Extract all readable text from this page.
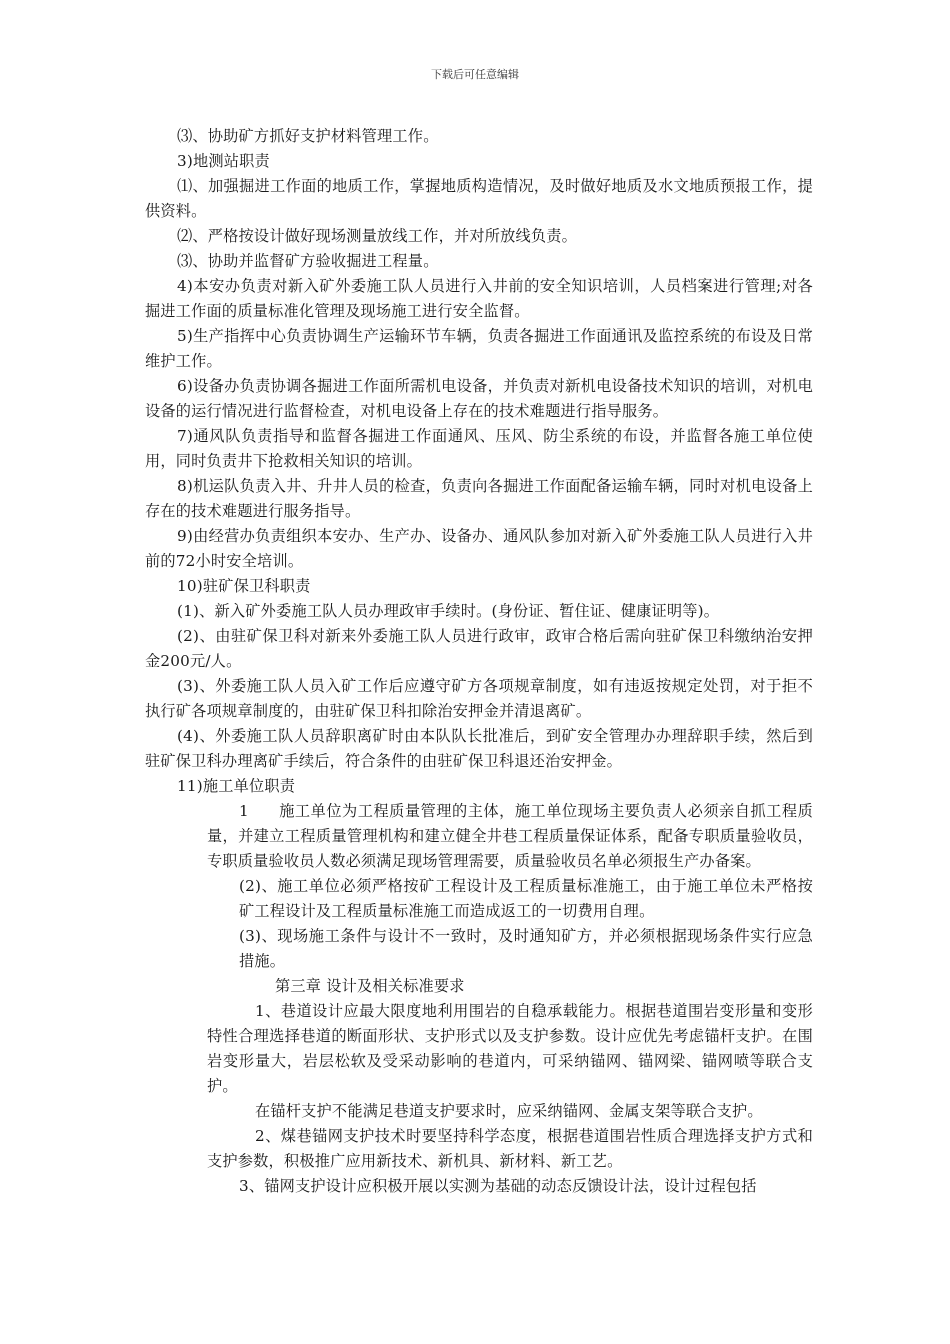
下载后可任意编辑

⑶、协助矿方抓好支护材料管理工作。

3)地测站职责

⑴、加强掘进工作面的地质工作，掌握地质构造情况，及时做好地质及水文地质预报工作，提供资料。

⑵、严格按设计做好现场测量放线工作，并对所放线负责。

⑶、协助并监督矿方验收掘进工程量。

4)本安办负责对新入矿外委施工队人员进行入井前的安全知识培训，人员档案进行管理;对各掘进工作面的质量标准化管理及现场施工进行安全监督。

5)生产指挥中心负责协调生产运输环节车辆，负责各掘进工作面通讯及监控系统的布设及日常维护工作。

6)设备办负责协调各掘进工作面所需机电设备，并负责对新机电设备技术知识的培训，对机电设备的运行情况进行监督检查，对机电设备上存在的技术难题进行指导服务。

7)通风队负责指导和监督各掘进工作面通风、压风、防尘系统的布设，并监督各施工单位使用，同时负责井下抢救相关知识的培训。

8)机运队负责入井、升井人员的检查，负责向各掘进工作面配备运输车辆，同时对机电设备上存在的技术难题进行服务指导。

9)由经营办负责组织本安办、生产办、设备办、通风队参加对新入矿外委施工队人员进行入井前的72小时安全培训。

10)驻矿保卫科职责

(1)、新入矿外委施工队人员办理政审手续时。(身份证、暂住证、健康证明等)。

(2)、由驻矿保卫科对新来外委施工队人员进行政审，政审合格后需向驻矿保卫科缴纳治安押金200元/人。

(3)、外委施工队人员入矿工作后应遵守矿方各项规章制度，如有违返按规定处罚，对于拒不执行矿各项规章制度的，由驻矿保卫科扣除治安押金并清退离矿。

(4)、外委施工队人员辞职离矿时由本队队长批准后，到矿安全管理办办理辞职手续，然后到驻矿保卫科办理离矿手续后，符合条件的由驻矿保卫科退还治安押金。

11)施工单位职责

1 施工单位为工程质量管理的主体，施工单位现场主要负责人必须亲自抓工程质量，并建立工程质量管理机构和建立健全井巷工程质量保证体系，配备专职质量验收员，专职质量验收员人数必须满足现场管理需要，质量验收员名单必须报生产办备案。

(2)、施工单位必须严格按矿工程设计及工程质量标准施工，由于施工单位未严格按矿工程设计及工程质量标准施工而造成返工的一切费用自理。

(3)、现场施工条件与设计不一致时，及时通知矿方，并必须根据现场条件实行应急措施。

第三章 设计及相关标准要求

1、巷道设计应最大限度地利用围岩的自稳承载能力。根据巷道围岩变形量和变形特性合理选择巷道的断面形状、支护形式以及支护参数。设计应优先考虑锚杆支护。在围岩变形量大，岩层松软及受采动影响的巷道内，可采纳锚网、锚网梁、锚网喷等联合支护。

在锚杆支护不能满足巷道支护要求时，应采纳锚网、金属支架等联合支护。

2、煤巷锚网支护技术时要坚持科学态度，根据巷道围岩性质合理选择支护方式和支护参数，积极推广应用新技术、新机具、新材料、新工艺。

3、锚网支护设计应积极开展以实测为基础的动态反馈设计法，设计过程包括
